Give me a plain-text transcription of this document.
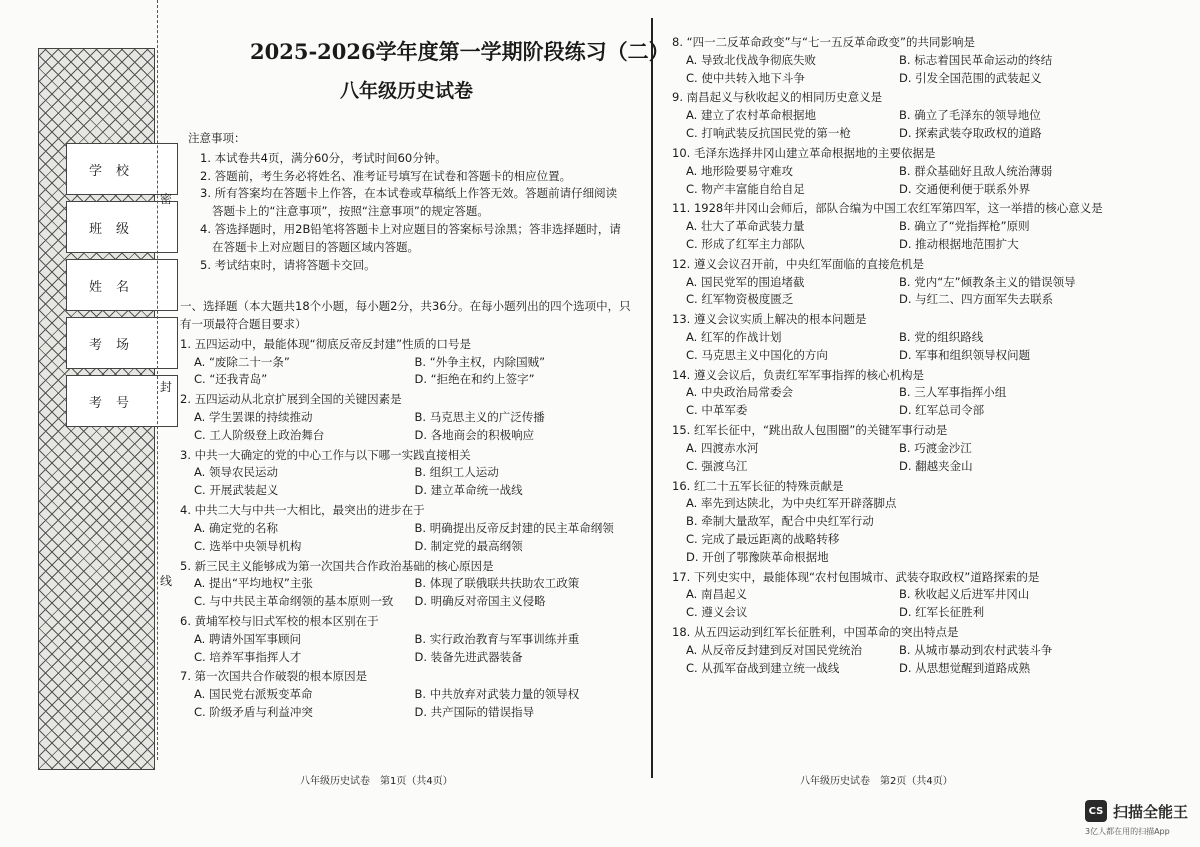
学校
班级
姓名
考场
考号
密
封
线
2025-2026学年度第一学期阶段练习（二）
八年级历史试卷
注意事项：
1. 本试卷共4页，满分60分，考试时间60分钟。
2. 答题前，考生务必将姓名、准考证号填写在试卷和答题卡的相应位置。
3. 所有答案均在答题卡上作答，在本试卷或草稿纸上作答无效。答题前请仔细阅读答题卡上的“注意事项”，按照“注意事项”的规定答题。
4. 答选择题时，用2B铅笔将答题卡上对应题目的答案标号涂黑；答非选择题时，请在答题卡上对应题目的答题区域内答题。
5. 考试结束时，请将答题卡交回。
一、选择题（本大题共18个小题，每小题2分，共36分。在每小题列出的四个选项中，只有一项最符合题目要求）
1. 五四运动中，最能体现“彻底反帝反封建”性质的口号是
A. “废除二十一条”	B. “外争主权，内除国贼”
C. “还我青岛”	D. “拒绝在和约上签字”
2. 五四运动从北京扩展到全国的关键因素是
A. 学生罢课的持续推动	B. 马克思主义的广泛传播
C. 工人阶级登上政治舞台	D. 各地商会的积极响应
3. 中共一大确定的党的中心工作与以下哪一实践直接相关
A. 领导农民运动	B. 组织工人运动
C. 开展武装起义	D. 建立革命统一战线
4. 中共二大与中共一大相比，最突出的进步在于
A. 确定党的名称	B. 明确提出反帝反封建的民主革命纲领
C. 选举中央领导机构	D. 制定党的最高纲领
5. 新三民主义能够成为第一次国共合作政治基础的核心原因是
A. 提出“平均地权”主张	B. 体现了联俄联共扶助农工政策
C. 与中共民主革命纲领的基本原则一致	D. 明确反对帝国主义侵略
6. 黄埔军校与旧式军校的根本区别在于
A. 聘请外国军事顾问	B. 实行政治教育与军事训练并重
C. 培养军事指挥人才	D. 装备先进武器装备
7. 第一次国共合作破裂的根本原因是
A. 国民党右派叛变革命	B. 中共放弃对武装力量的领导权
C. 阶级矛盾与利益冲突	D. 共产国际的错误指导
八年级历史试卷　第1页（共4页）
8. “四一二反革命政变”与“七一五反革命政变”的共同影响是
A. 导致北伐战争彻底失败	B. 标志着国民革命运动的终结
C. 使中共转入地下斗争	D. 引发全国范围的武装起义
9. 南昌起义与秋收起义的相同历史意义是
A. 建立了农村革命根据地	B. 确立了毛泽东的领导地位
C. 打响武装反抗国民党的第一枪	D. 探索武装夺取政权的道路
10. 毛泽东选择井冈山建立革命根据地的主要依据是
A. 地形险要易守难攻	B. 群众基础好且敌人统治薄弱
C. 物产丰富能自给自足	D. 交通便利便于联系外界
11. 1928年井冈山会师后，部队合编为中国工农红军第四军，这一举措的核心意义是
A. 壮大了革命武装力量	B. 确立了“党指挥枪”原则
C. 形成了红军主力部队	D. 推动根据地范围扩大
12. 遵义会议召开前，中央红军面临的直接危机是
A. 国民党军的围追堵截	B. 党内“左”倾教条主义的错误领导
C. 红军物资极度匮乏	D. 与红二、四方面军失去联系
13. 遵义会议实质上解决的根本问题是
A. 红军的作战计划	B. 党的组织路线
C. 马克思主义中国化的方向	D. 军事和组织领导权问题
14. 遵义会议后，负责红军军事指挥的核心机构是
A. 中央政治局常委会	B. 三人军事指挥小组
C. 中革军委	D. 红军总司令部
15. 红军长征中，“跳出敌人包围圈”的关键军事行动是
A. 四渡赤水河	B. 巧渡金沙江
C. 强渡乌江	D. 翻越夹金山
16. 红二十五军长征的特殊贡献是
A. 率先到达陕北，为中央红军开辟落脚点
B. 牵制大量敌军，配合中央红军行动
C. 完成了最远距离的战略转移
D. 开创了鄂豫陕革命根据地
17. 下列史实中，最能体现“农村包围城市、武装夺取政权”道路探索的是
A. 南昌起义	B. 秋收起义后进军井冈山
C. 遵义会议	D. 红军长征胜利
18. 从五四运动到红军长征胜利，中国革命的突出特点是
A. 从反帝反封建到反对国民党统治	B. 从城市暴动到农村武装斗争
C. 从孤军奋战到建立统一战线	D. 从思想觉醒到道路成熟
八年级历史试卷　第2页（共4页）
CS 扫描全能王
3亿人都在用的扫描App
